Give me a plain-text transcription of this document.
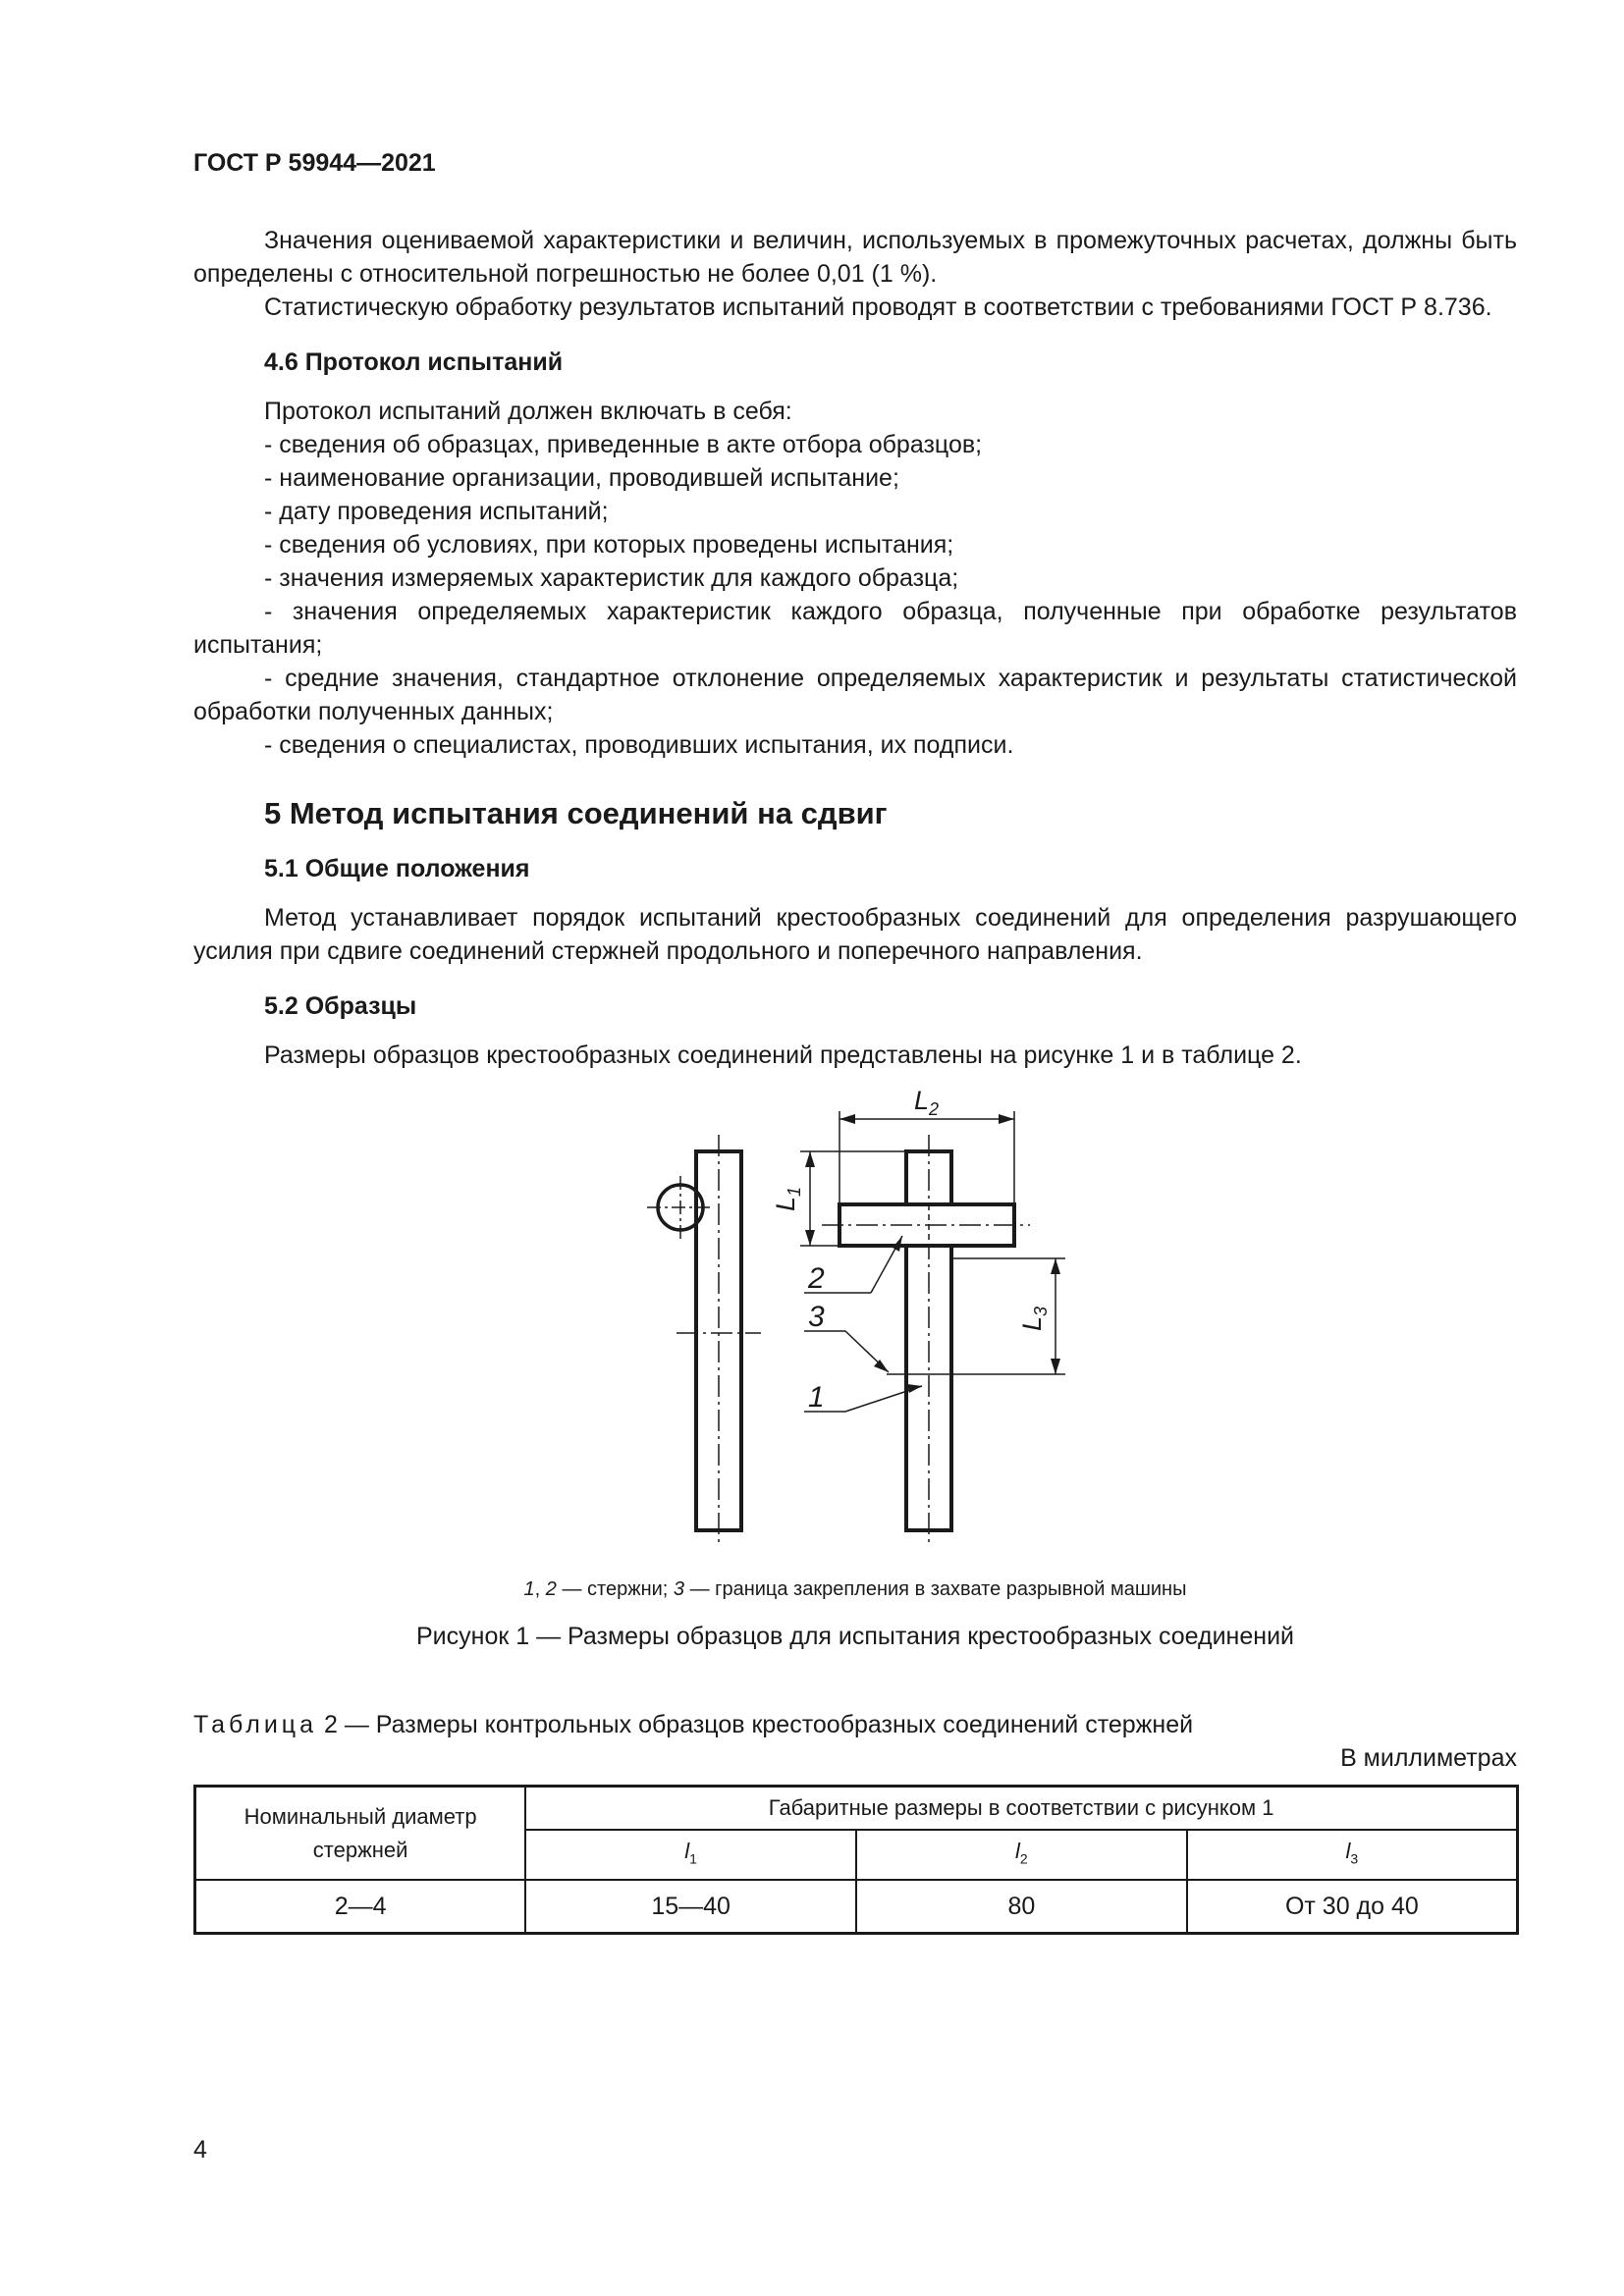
ГОСТ Р 59944—2021

Значения оцениваемой характеристики и величин, используемых в промежуточных расчетах, должны быть определены с относительной погрешностью не более 0,01 (1 %).

Статистическую обработку результатов испытаний проводят в соответствии с требованиями ГОСТ Р 8.736.

4.6 Протокол испытаний

Протокол испытаний должен включать в себя:

- сведения об образцах, приведенные в акте отбора образцов;
- наименование организации, проводившей испытание;
- дату проведения испытаний;
- сведения об условиях, при которых проведены испытания;
- значения измеряемых характеристик для каждого образца;

- значения определяемых характеристик каждого образца, полученные при обработке результатов испытания;

- средние значения, стандартное отклонение определяемых характеристик и результаты статистической обработки полученных данных;

- сведения о специалистах, проводивших испытания, их подписи.

5 Метод испытания соединений на сдвиг

5.1 Общие положения

Метод устанавливает порядок испытаний крестообразных соединений для определения разрушающего усилия при сдвиге соединений стержней продольного и поперечного направления.

5.2 Образцы

Размеры образцов крестообразных соединений представлены на рисунке 1 и в таблице 2.

$L_2$
$L_1$
$L_3$
2
3
1

1, 2 — стержни; 3 — граница закрепления в захвате разрывной машины

Рисунок 1 — Размеры образцов для испытания крестообразных соединений

Таблица 2 — Размеры контрольных образцов крестообразных соединений стержней

В миллиметрах

Номинальный диаметр стержней	Габаритные размеры в соответствии с рисунком 1		
	$l_1$	$l_2$	$l_3$
2—4	15—40	80	От 30 до 40

4
